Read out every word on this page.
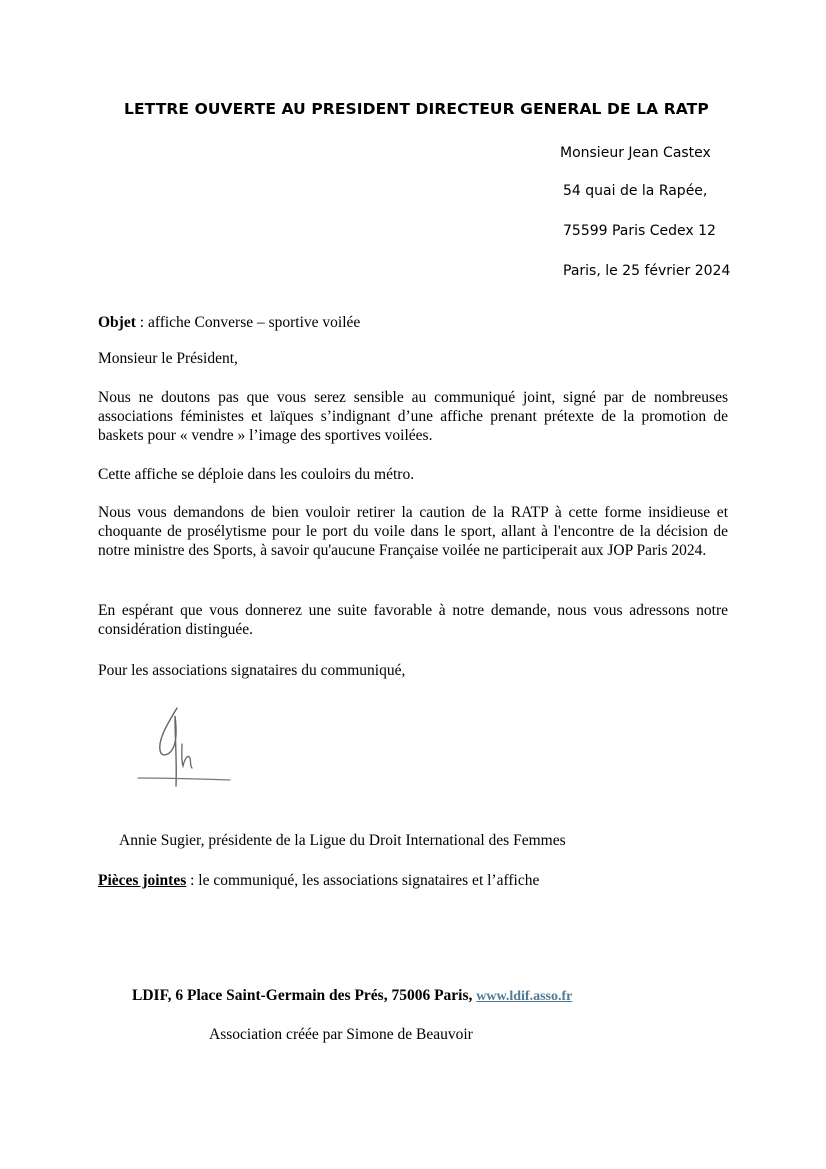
LETTRE OUVERTE AU PRESIDENT DIRECTEUR GENERAL DE LA RATP
Monsieur Jean Castex
54 quai de la Rapée,
75599 Paris Cedex 12
Paris, le 25 février 2024
Objet : affiche Converse – sportive voilée
Monsieur le Président,
Nous ne doutons pas que vous serez sensible au communiqué joint, signé par de nombreuses associations féministes et laïques s’indignant d’une affiche prenant prétexte de la promotion de baskets pour « vendre » l’image des sportives voilées.
Cette affiche se déploie dans les couloirs du métro.
Nous vous demandons de bien vouloir retirer la caution de la RATP à cette forme insidieuse et choquante de prosélytisme pour le port du voile dans le sport, allant à l'encontre de la décision de notre ministre des Sports, à savoir qu'aucune Française voilée ne participerait aux JOP Paris 2024.
En espérant que vous donnerez une suite favorable à notre demande, nous vous adressons notre considération distinguée.
Pour les associations signataires du communiqué,
Annie Sugier, présidente de la Ligue du Droit International des Femmes
Pièces jointes : le communiqué, les associations signataires et l’affiche
LDIF, 6 Place Saint-Germain des Prés, 75006 Paris, www.ldif.asso.fr
Association créée par Simone de Beauvoir
